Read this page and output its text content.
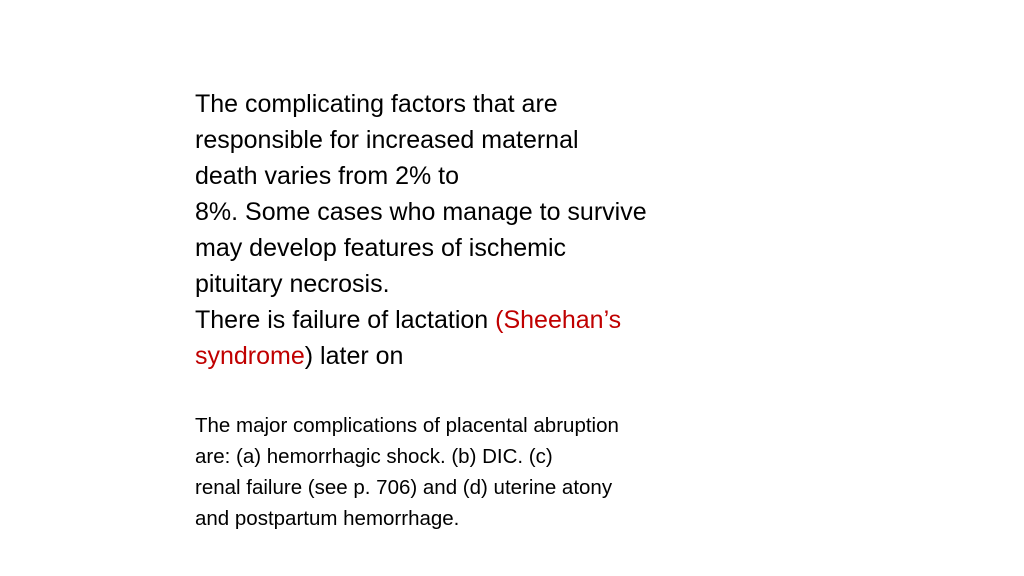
The complicating factors that are
responsible for increased maternal
death varies from 2% to
8%. Some cases who manage to survive
may develop features of ischemic
pituitary necrosis.
There is failure of lactation (Sheehan’s
syndrome) later on
The major complications of placental abruption
are: (a) hemorrhagic shock. (b) DIC. (c)
renal failure (see p. 706) and (d) uterine atony
and postpartum hemorrhage.
